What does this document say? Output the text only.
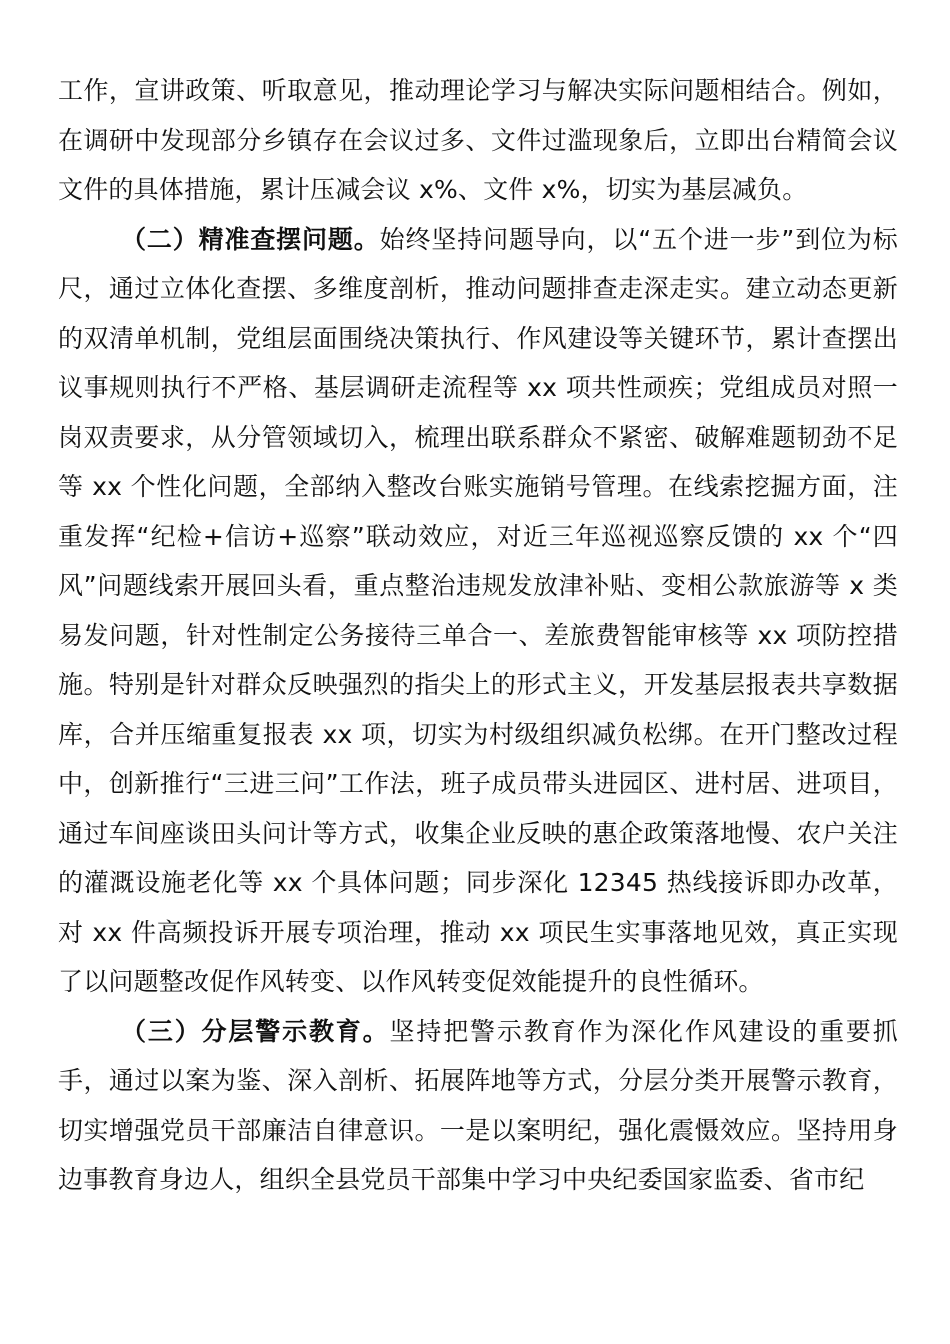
工作，宣讲政策、听取意见，推动理论学习与解决实际问题相结合。例如，在调研中发现部分乡镇存在会议过多、文件过滥现象后，立即出台精简会议文件的具体措施，累计压减会议 x%、文件 x%，切实为基层减负。

（二）精准查摆问题。始终坚持问题导向，以“五个进一步”到位为标尺，通过立体化查摆、多维度剖析，推动问题排查走深走实。建立动态更新的双清单机制，党组层面围绕决策执行、作风建设等关键环节，累计查摆出议事规则执行不严格、基层调研走流程等 xx 项共性顽疾；党组成员对照一岗双责要求，从分管领域切入，梳理出联系群众不紧密、破解难题韧劲不足等 xx 个性化问题，全部纳入整改台账实施销号管理。在线索挖掘方面，注重发挥“纪检+信访+巡察”联动效应，对近三年巡视巡察反馈的 xx 个“四风”问题线索开展回头看，重点整治违规发放津补贴、变相公款旅游等 x 类易发问题，针对性制定公务接待三单合一、差旅费智能审核等 xx 项防控措施。特别是针对群众反映强烈的指尖上的形式主义，开发基层报表共享数据库，合并压缩重复报表 xx 项，切实为村级组织减负松绑。在开门整改过程中，创新推行“三进三问”工作法，班子成员带头进园区、进村居、进项目，通过车间座谈田头问计等方式，收集企业反映的惠企政策落地慢、农户关注的灌溉设施老化等 xx 个具体问题；同步深化 12345 热线接诉即办改革，对 xx 件高频投诉开展专项治理，推动 xx 项民生实事落地见效，真正实现了以问题整改促作风转变、以作风转变促效能提升的良性循环。

（三）分层警示教育。坚持把警示教育作为深化作风建设的重要抓手，通过以案为鉴、深入剖析、拓展阵地等方式，分层分类开展警示教育，切实增强党员干部廉洁自律意识。一是以案明纪，强化震慑效应。坚持用身边事教育身边人，组织全县党员干部集中学习中央纪委国家监委、省市纪
